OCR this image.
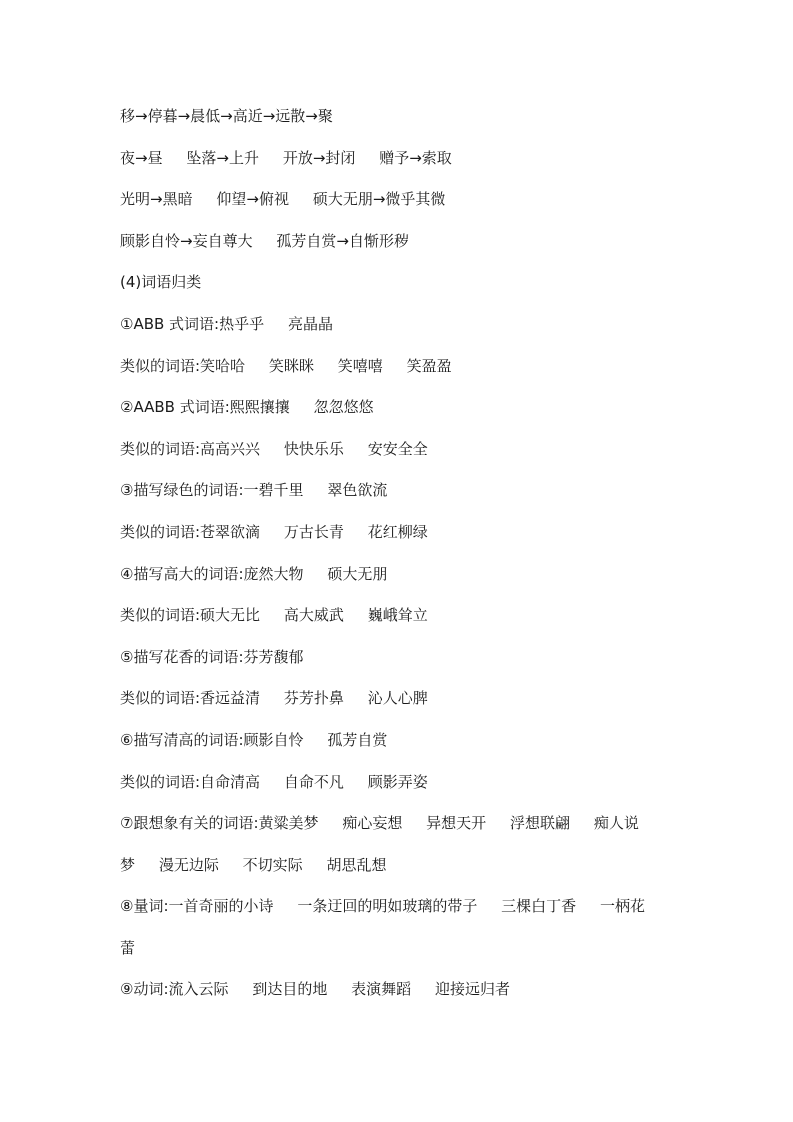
移→停暮→晨低→高近→远散→聚
夜→昼     坠落→上升     开放→封闭     赠予→索取
光明→黑暗     仰望→俯视     硕大无朋→微乎其微
顾影自怜→妄自尊大     孤芳自赏→自惭形秽
(4)词语归类
①ABB 式词语:热乎乎     亮晶晶
类似的词语:笑哈哈     笑眯眯     笑嘻嘻     笑盈盈
②AABB 式词语:熙熙攘攘     忽忽悠悠
类似的词语:高高兴兴     快快乐乐     安安全全
③描写绿色的词语:一碧千里     翠色欲流
类似的词语:苍翠欲滴     万古长青     花红柳绿
④描写高大的词语:庞然大物     硕大无朋
类似的词语:硕大无比     高大威武     巍峨耸立
⑤描写花香的词语:芬芳馥郁
类似的词语:香远益清     芬芳扑鼻     沁人心脾
⑥描写清高的词语:顾影自怜     孤芳自赏
类似的词语:自命清高     自命不凡     顾影弄姿
⑦跟想象有关的词语:黄粱美梦     痴心妄想     异想天开     浮想联翩     痴人说
梦     漫无边际     不切实际     胡思乱想
⑧量词:一首奇丽的小诗     一条迂回的明如玻璃的带子     三棵白丁香     一柄花
蕾
⑨动词:流入云际     到达目的地     表演舞蹈     迎接远归者
